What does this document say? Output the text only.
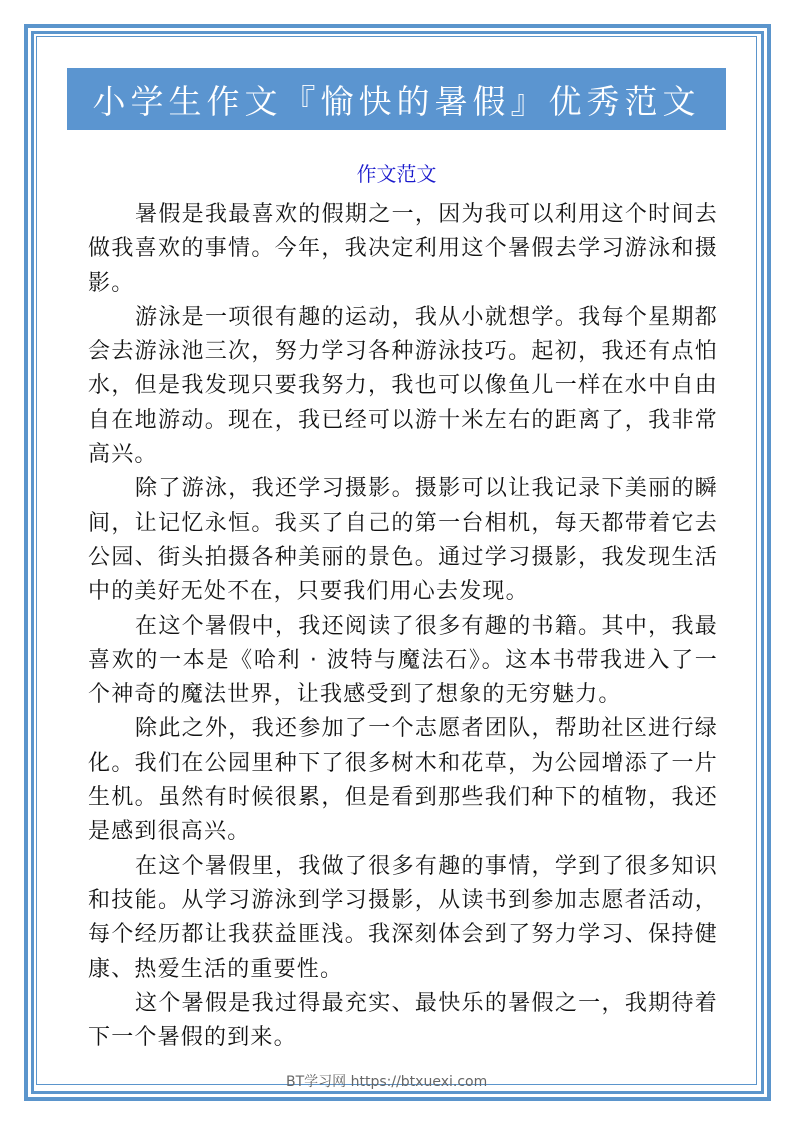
小学生作文『愉快的暑假』优秀范文
作文范文

暑假是我最喜欢的假期之一，因为我可以利用这个时间去做我喜欢的事情。今年，我决定利用这个暑假去学习游泳和摄影。

游泳是一项很有趣的运动，我从小就想学。我每个星期都会去游泳池三次，努力学习各种游泳技巧。起初，我还有点怕水，但是我发现只要我努力，我也可以像鱼儿一样在水中自由自在地游动。现在，我已经可以游十米左右的距离了，我非常高兴。

除了游泳，我还学习摄影。摄影可以让我记录下美丽的瞬间，让记忆永恒。我买了自己的第一台相机，每天都带着它去公园、街头拍摄各种美丽的景色。通过学习摄影，我发现生活中的美好无处不在，只要我们用心去发现。

在这个暑假中，我还阅读了很多有趣的书籍。其中，我最喜欢的一本是《哈利 · 波特与魔法石》。这本书带我进入了一个神奇的魔法世界，让我感受到了想象的无穷魅力。

除此之外，我还参加了一个志愿者团队，帮助社区进行绿化。我们在公园里种下了很多树木和花草，为公园增添了一片生机。虽然有时候很累，但是看到那些我们种下的植物，我还是感到很高兴。

在这个暑假里，我做了很多有趣的事情，学到了很多知识和技能。从学习游泳到学习摄影，从读书到参加志愿者活动，每个经历都让我获益匪浅。我深刻体会到了努力学习、保持健康、热爱生活的重要性。

这个暑假是我过得最充实、最快乐的暑假之一，我期待着下一个暑假的到来。

BT学习网 https://btxuexi.com
